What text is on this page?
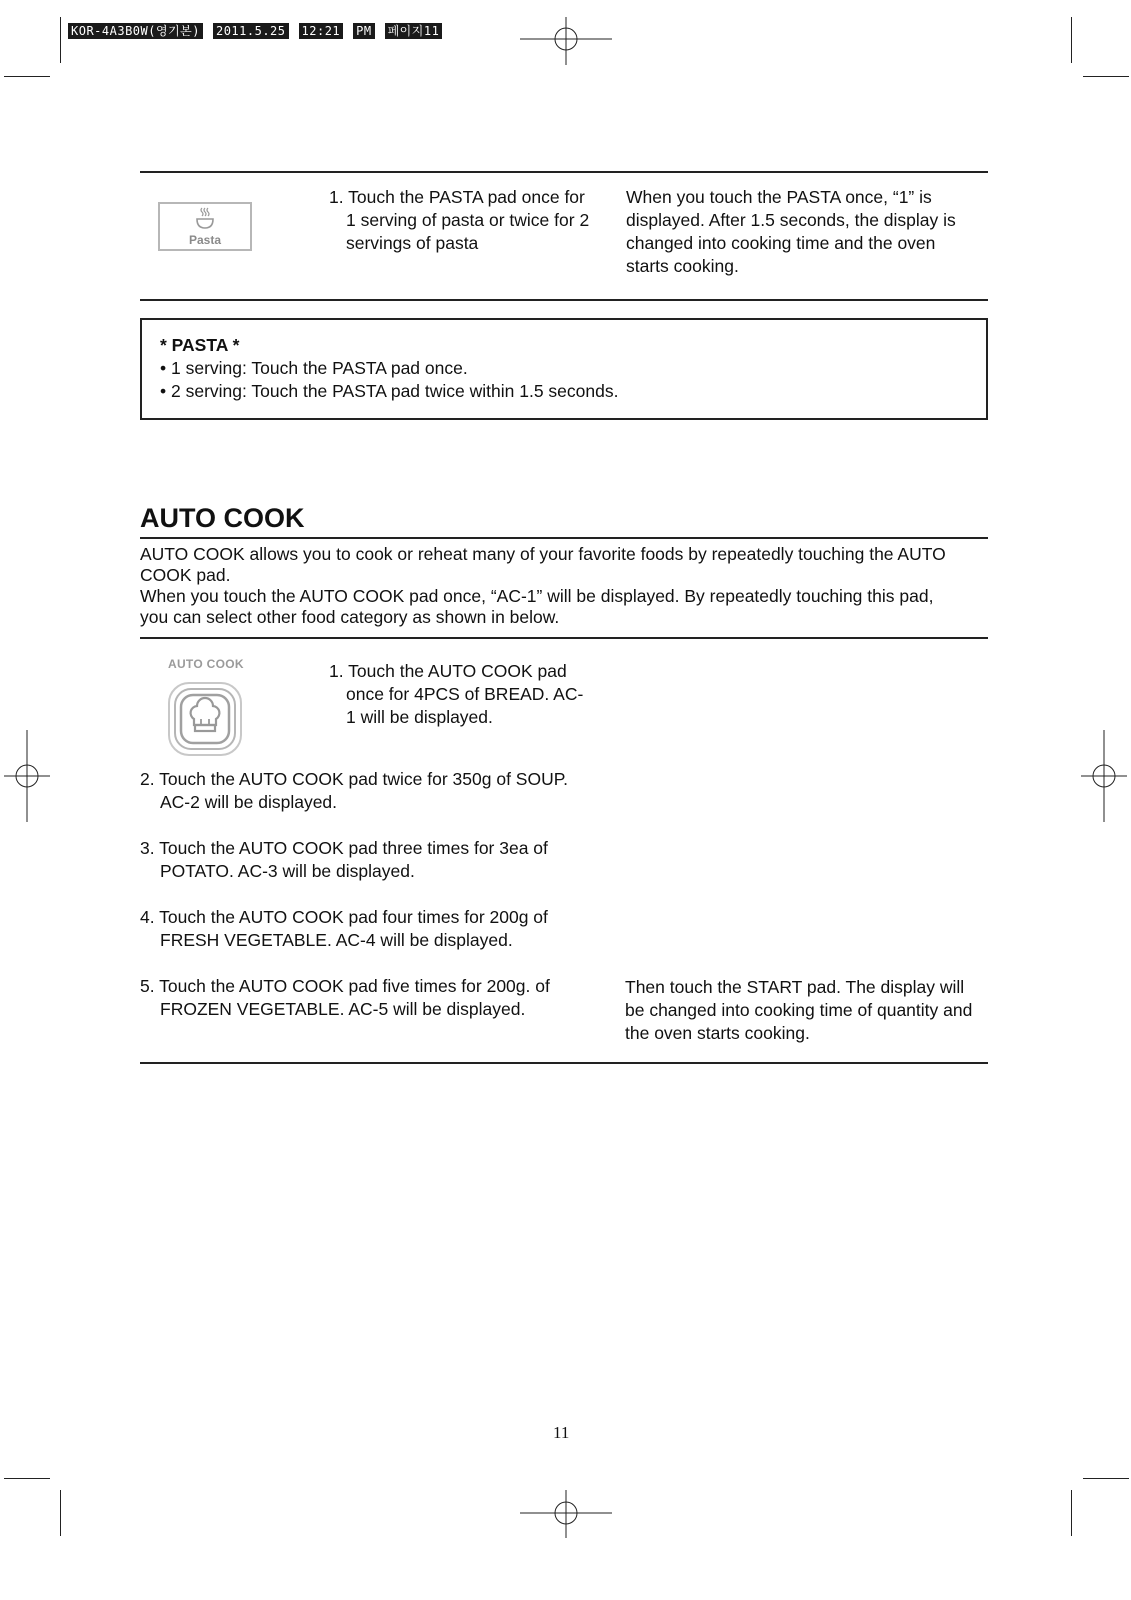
KOR-4A3B0W(영기본) 2011.5.25 12:21 PM 페이지11
Pasta
1. Touch the PASTA pad once for
1 serving of pasta or twice for 2
servings of pasta
When you touch the PASTA once, “1” is
displayed. After 1.5 seconds, the display is
changed into cooking time and the oven
starts cooking.
* PASTA *
• 1 serving: Touch the PASTA pad once.
• 2 serving: Touch the PASTA pad twice within 1.5 seconds.
AUTO COOK
AUTO COOK allows you to cook or reheat many of your favorite foods by repeatedly touching the AUTO
COOK pad.
When you touch the AUTO COOK pad once, “AC-1” will be displayed. By repeatedly touching this pad,
you can select other food category as shown in below.
AUTO COOK	1. Touch the AUTO COOK pad
once for 4PCS of BREAD. AC-
1 will be displayed.
2. Touch the AUTO COOK pad twice for 350g of SOUP.
AC-2 will be displayed.
3. Touch the AUTO COOK pad three times for 3ea of
POTATO. AC-3 will be displayed.
4. Touch the AUTO COOK pad four times for 200g of
FRESH VEGETABLE. AC-4 will be displayed.
5. Touch the AUTO COOK pad five times for 200g. of
FROZEN VEGETABLE. AC-5 will be displayed.
Then touch the START pad. The display will
be changed into cooking time of quantity and
the oven starts cooking.
11
